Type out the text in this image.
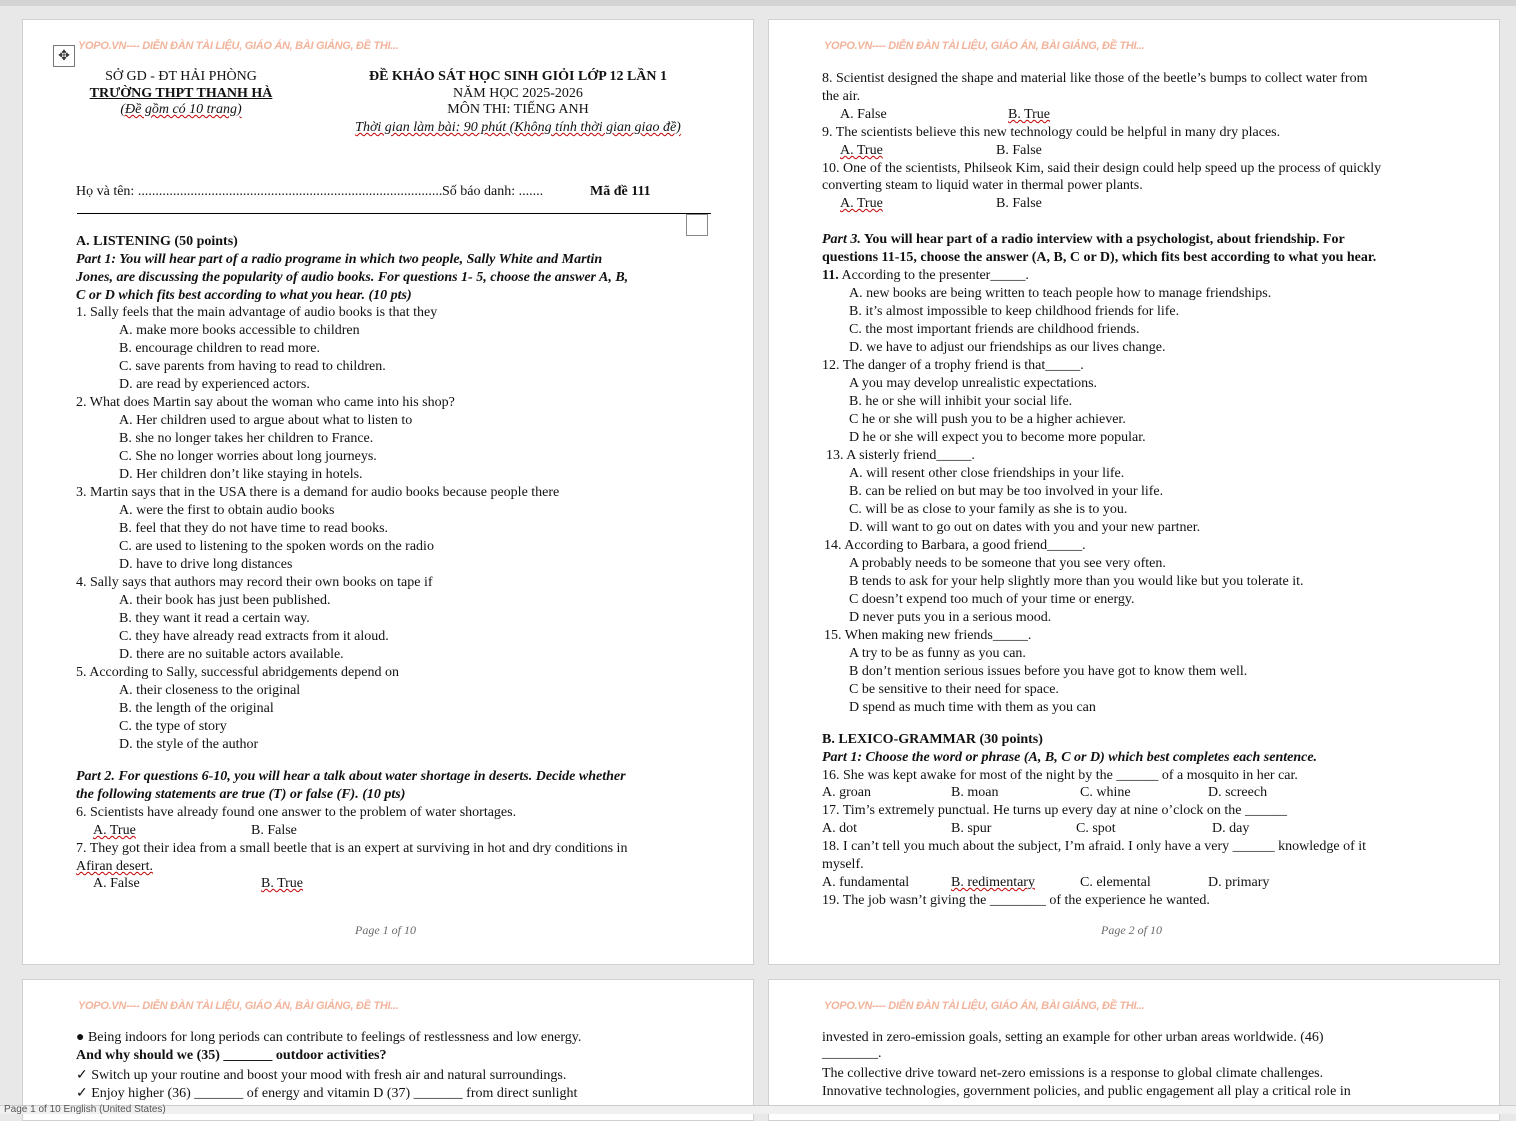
YOPO.VN---- DIỄN ĐÀN TÀI LIỆU, GIÁO ÁN, BÀI GIẢNG, ĐỀ THI...
SỞ GD - ĐT HẢI PHÒNG
TRƯỜNG THPT THANH HÀ
(Đề gồm có 10 trang)
ĐỀ KHẢO SÁT HỌC SINH GIỎI LỚP 12 LẦN 1
NĂM HỌC 2025-2026
MÔN THI: TIẾNG ANH
Thời gian làm bài: 90 phút (Không tính thời gian giao đề)
Họ và tên: ....................................................................................... Số báo danh: .......	Mã đề 111
A. LISTENING (50 points)
Part 1: You will hear part of a radio programe in which two people, Sally White and Martin
Jones, are discussing the popularity of audio books. For questions 1- 5, choose the answer A, B,
C or D which fits best according to what you hear. (10 pts)
1. Sally feels that the main advantage of audio books is that they
A. make more books accessible to children
B. encourage children to read more.
C. save parents from having to read to children.
D. are read by experienced actors.
2. What does Martin say about the woman who came into his shop?
A. Her children used to argue about what to listen to
B. she no longer takes her children to France.
C. She no longer worries about long journeys.
D. Her children don’t like staying in hotels.
3. Martin says that in the USA there is a demand for audio books because people there
A. were the first to obtain audio books
B. feel that they do not have time to read books.
C. are used to listening to the spoken words on the radio
D. have to drive long distances
4. Sally says that authors may record their own books on tape if
A. their book has just been published.
B. they want it read a certain way.
C. they have already read extracts from it aloud.
D. there are no suitable actors available.
5. According to Sally, successful abridgements depend on
A. their closeness to the original
B. the length of the original
C. the type of story
D. the style of the author
Part 2. For questions 6-10, you will hear a talk about water shortage in deserts. Decide whether
the following statements are true (T) or false (F). (10 pts)
6. Scientists have already found one answer to the problem of water shortages.
A. True	B. False
7. They got their idea from a small beetle that is an expert at surviving in hot and dry conditions in
Afiran desert.
A. False	B. True
Page 1 of 10
✥
YOPO.VN---- DIỄN ĐÀN TÀI LIỆU, GIÁO ÁN, BÀI GIẢNG, ĐỀ THI...
8. Scientist designed the shape and material like those of the beetle’s bumps to collect water from
the air.
A. False	B. True
9. The scientists believe this new technology could be helpful in many dry places.
A. True	B. False
10. One of the scientists, Philseok Kim, said their design could help speed up the process of quickly
converting steam to liquid water in thermal power plants.
A. True	B. False
Part 3. You will hear part of a radio interview with a psychologist, about friendship. For
questions 11-15, choose the answer (A, B, C or D), which fits best according to what you hear.
11. According to the presenter_____.
A. new books are being written to teach people how to manage friendships.
B. it’s almost impossible to keep childhood friends for life.
C. the most important friends are childhood friends.
D. we have to adjust our friendships as our lives change.
12. The danger of a trophy friend is that_____.
A you may develop unrealistic expectations.
B. he or she will inhibit your social life.
C he or she will push you to be a higher achiever.
D he or she will expect you to become more popular.
13. A sisterly friend_____.
A. will resent other close friendships in your life.
B. can be relied on but may be too involved in your life.
C. will be as close to your family as she is to you.
D. will want to go out on dates with you and your new partner.
14. According to Barbara, a good friend_____.
A probably needs to be someone that you see very often.
B tends to ask for your help slightly more than you would like but you tolerate it.
C doesn’t expend too much of your time or energy.
D never puts you in a serious mood.
15. When making new friends_____.
A try to be as funny as you can.
B don’t mention serious issues before you have got to know them well.
C be sensitive to their need for space.
D spend as much time with them as you can
B. LEXICO-GRAMMAR (30 points)
Part 1: Choose the word or phrase (A, B, C or D) which best completes each sentence.
16. She was kept awake for most of the night by the ______ of a mosquito in her car.
A. groan	B. moan	C. whine	D. screech
17. Tim’s extremely punctual. He turns up every day at nine o’clock on the ______
A. dot	B. spur	C. spot	D. day
18. I can’t tell you much about the subject, I’m afraid. I only have a very ______ knowledge of it
myself.
A. fundamental	B. redimentary	C. elemental	D. primary
19. The job wasn’t giving the ________ of the experience he wanted.
Page 2 of 10
YOPO.VN---- DIỄN ĐÀN TÀI LIỆU, GIÁO ÁN, BÀI GIẢNG, ĐỀ THI...
● Being indoors for long periods can contribute to feelings of restlessness and low energy.
And why should we (35) _______ outdoor activities?
✓ Switch up your routine and boost your mood with fresh air and natural surroundings.
✓ Enjoy higher (36) _______ of energy and vitamin D (37) _______ from direct sunlight
YOPO.VN---- DIỄN ĐÀN TÀI LIỆU, GIÁO ÁN, BÀI GIẢNG, ĐỀ THI...
invested in zero-emission goals, setting an example for other urban areas worldwide. (46)
________.
The collective drive toward net-zero emissions is a response to global climate challenges.
Innovative technologies, government policies, and public engagement all play a critical role in
Page 1 of 10 English (United States)
